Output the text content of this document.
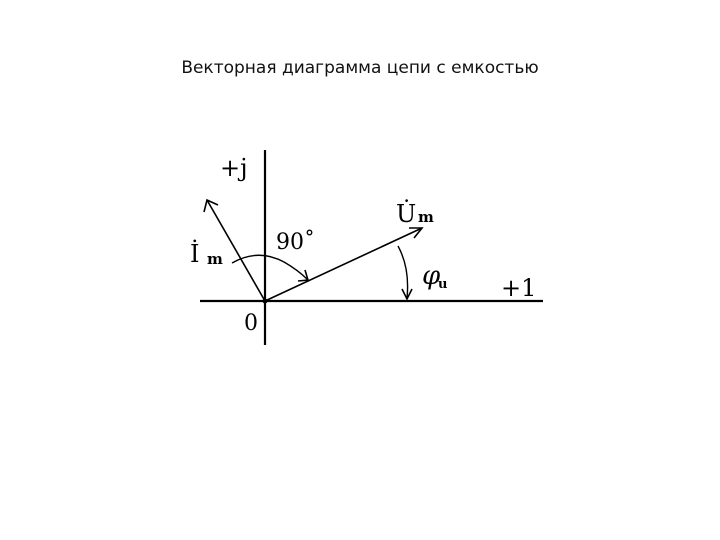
Векторная диаграмма цепи с емкостью
+j
+1
0
İ m
U̇ m
90˚
φ
u
